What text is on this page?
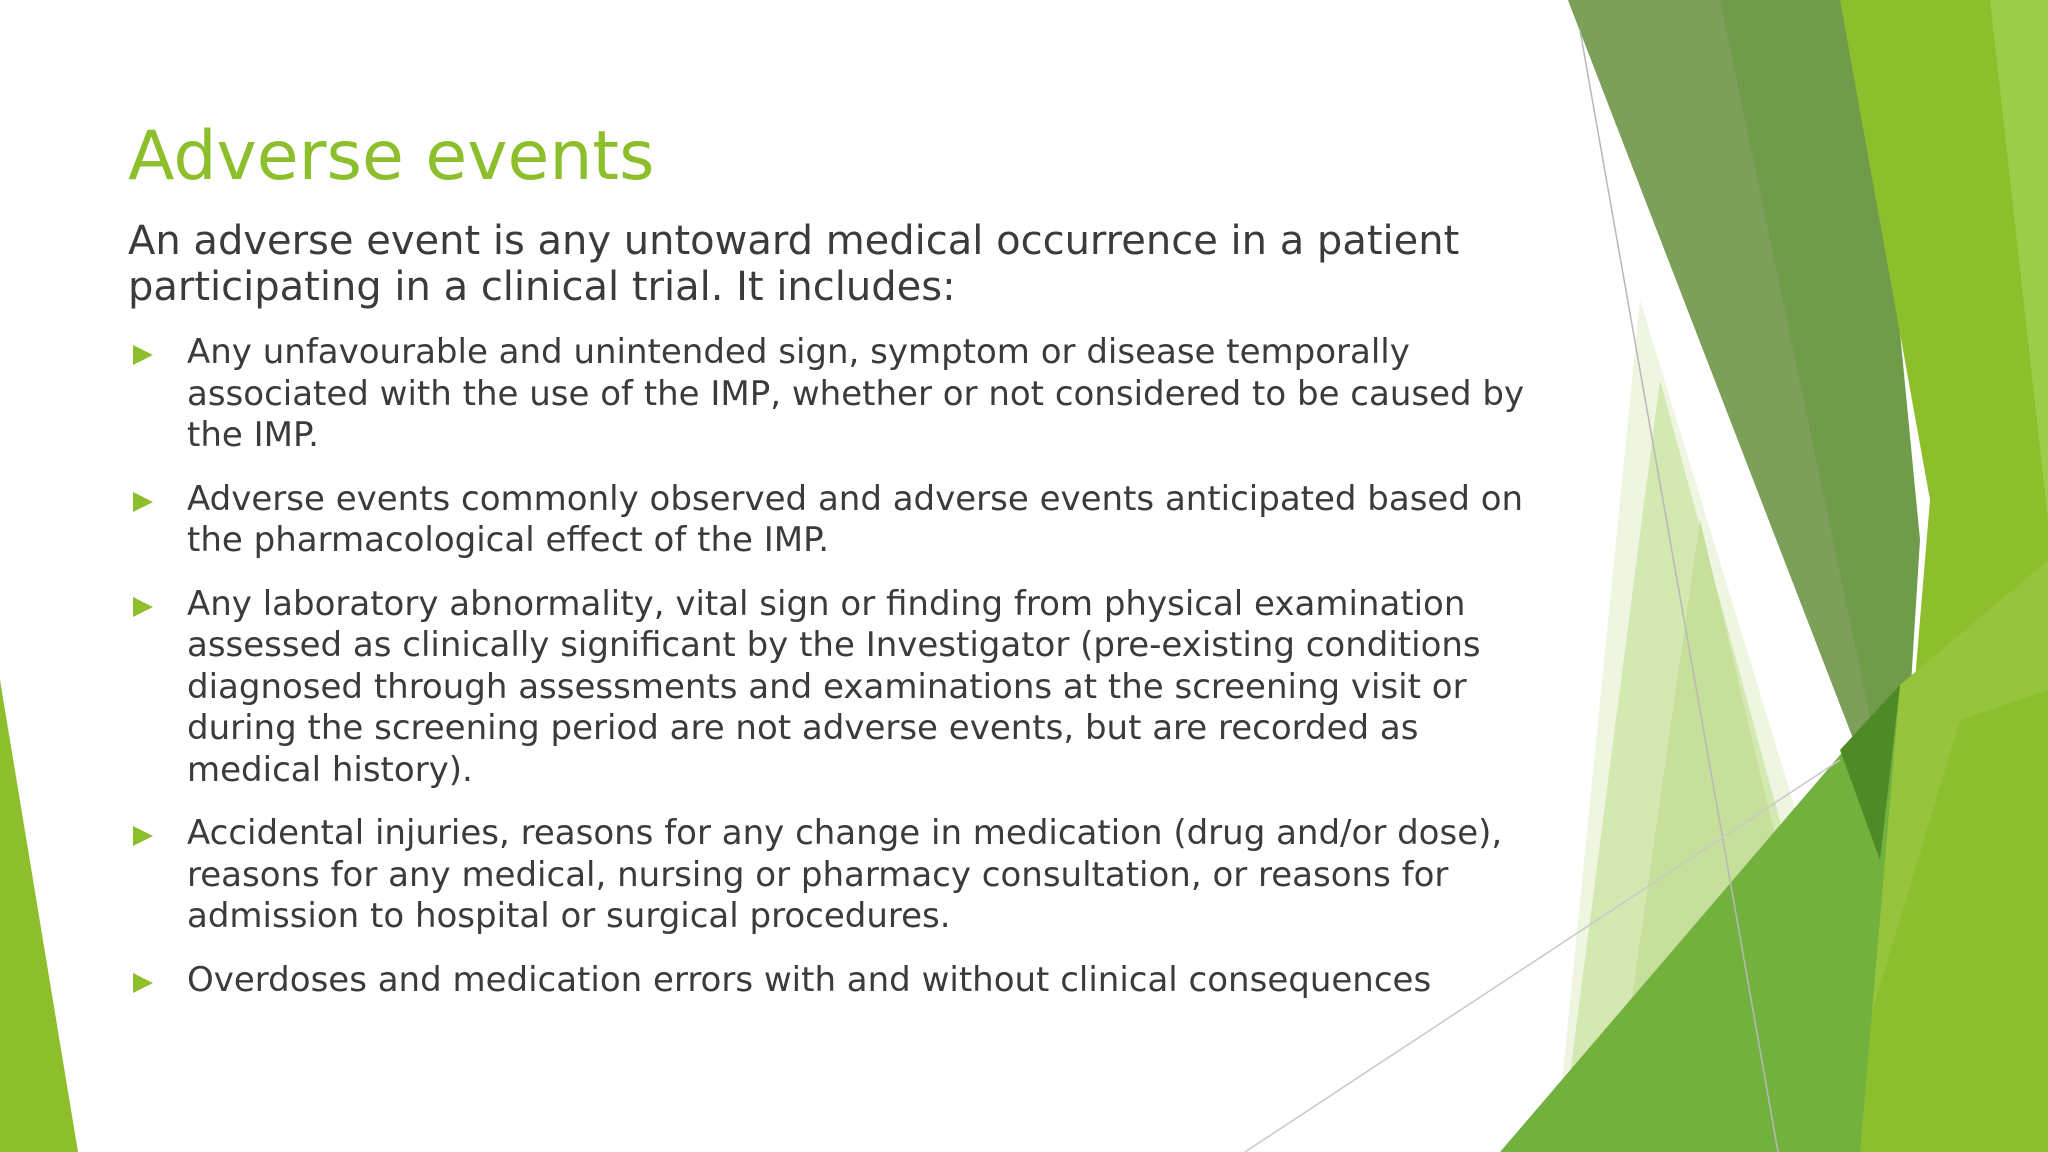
Adverse events

An adverse event is any untoward medical occurrence in a patient participating in a clinical trial. It includes:

Any unfavourable and unintended sign, symptom or disease temporally associated with the use of the IMP, whether or not considered to be caused by the IMP.
Adverse events commonly observed and adverse events anticipated based on the pharmacological effect of the IMP.
Any laboratory abnormality, vital sign or finding from physical examination assessed as clinically significant by the Investigator (pre-existing conditions diagnosed through assessments and examinations at the screening visit or during the screening period are not adverse events, but are recorded as medical history).
Accidental injuries, reasons for any change in medication (drug and/or dose), reasons for any medical, nursing or pharmacy consultation, or reasons for admission to hospital or surgical procedures.
Overdoses and medication errors with and without clinical consequences
